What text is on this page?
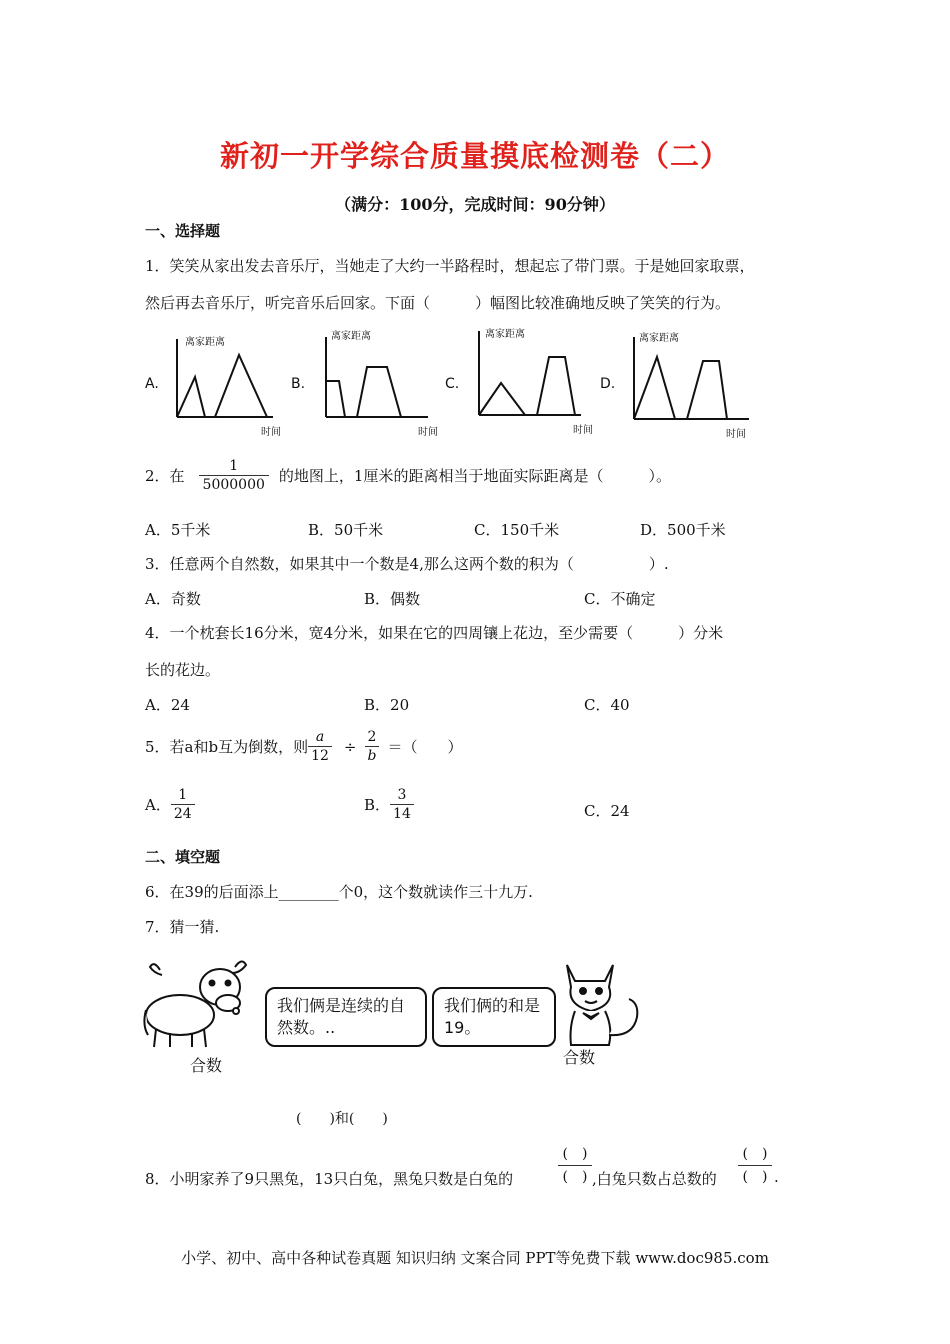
新初一开学综合质量摸底检测卷（二）
（满分：100分，完成时间：90分钟）
一、选择题
1．笑笑从家出发去音乐厅，当她走了大约一半路程时，想起忘了带门票。于是她回家取票，
然后再去音乐厅，听完音乐后回家。下面（　　　）幅图比较准确地反映了笑笑的行为。
离家距离
时间
离家距离
时间
离家距离
时间
离家距离
时间
A.	B.	C.	D.
2．在 $\frac{1}{5000000}$ 的地图上，1厘米的距离相当于地面实际距离是（　　　）。
A．5千米	B．50千米	C．150千米	D．500千米
3．任意两个自然数，如果其中一个数是4,那么这两个数的积为（　　　　　）.
A．奇数	B．偶数	C．不确定
4．一个枕套长16分米，宽4分米，如果在它的四周镶上花边，至少需要（　　　）分米
长的花边。
A．24	B．20	C．40
5．若a和b互为倒数，则 $\frac{a}{12} \div \frac{2}{b}$ ＝（　　）
A． $\frac{1}{24}$	B． $\frac{3}{14}$	C．24
二、填空题
6．在39的后面添上________个0，这个数就读作三十九万.
7．猜一猜.
我们俩是连续的自然数。..
合数
我们俩的和是19。
合数
(　　)和(　　)
8．小明家养了9只黑兔，13只白兔，黑兔只数是白兔的
(　)
(　) ,白兔只数占总数的
(　)
(　) .
小学、初中、高中各种试卷真题 知识归纳 文案合同 PPT等免费下载 www.doc985.com
